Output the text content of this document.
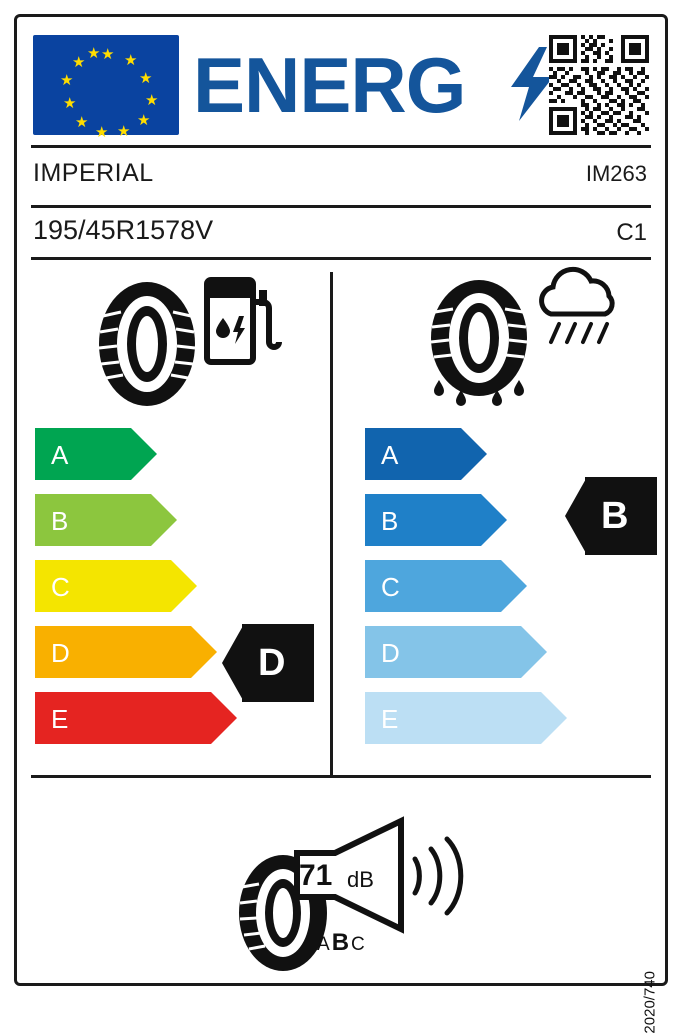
★ ★
★
★
★
★
★
★
★
★
★
★ ENERG
IMPERIAL	IM263
195/45R1578V	C1
A
B
C
D
E
D
A
B
C
D
E
B
71 dB
ABC
2020/740
